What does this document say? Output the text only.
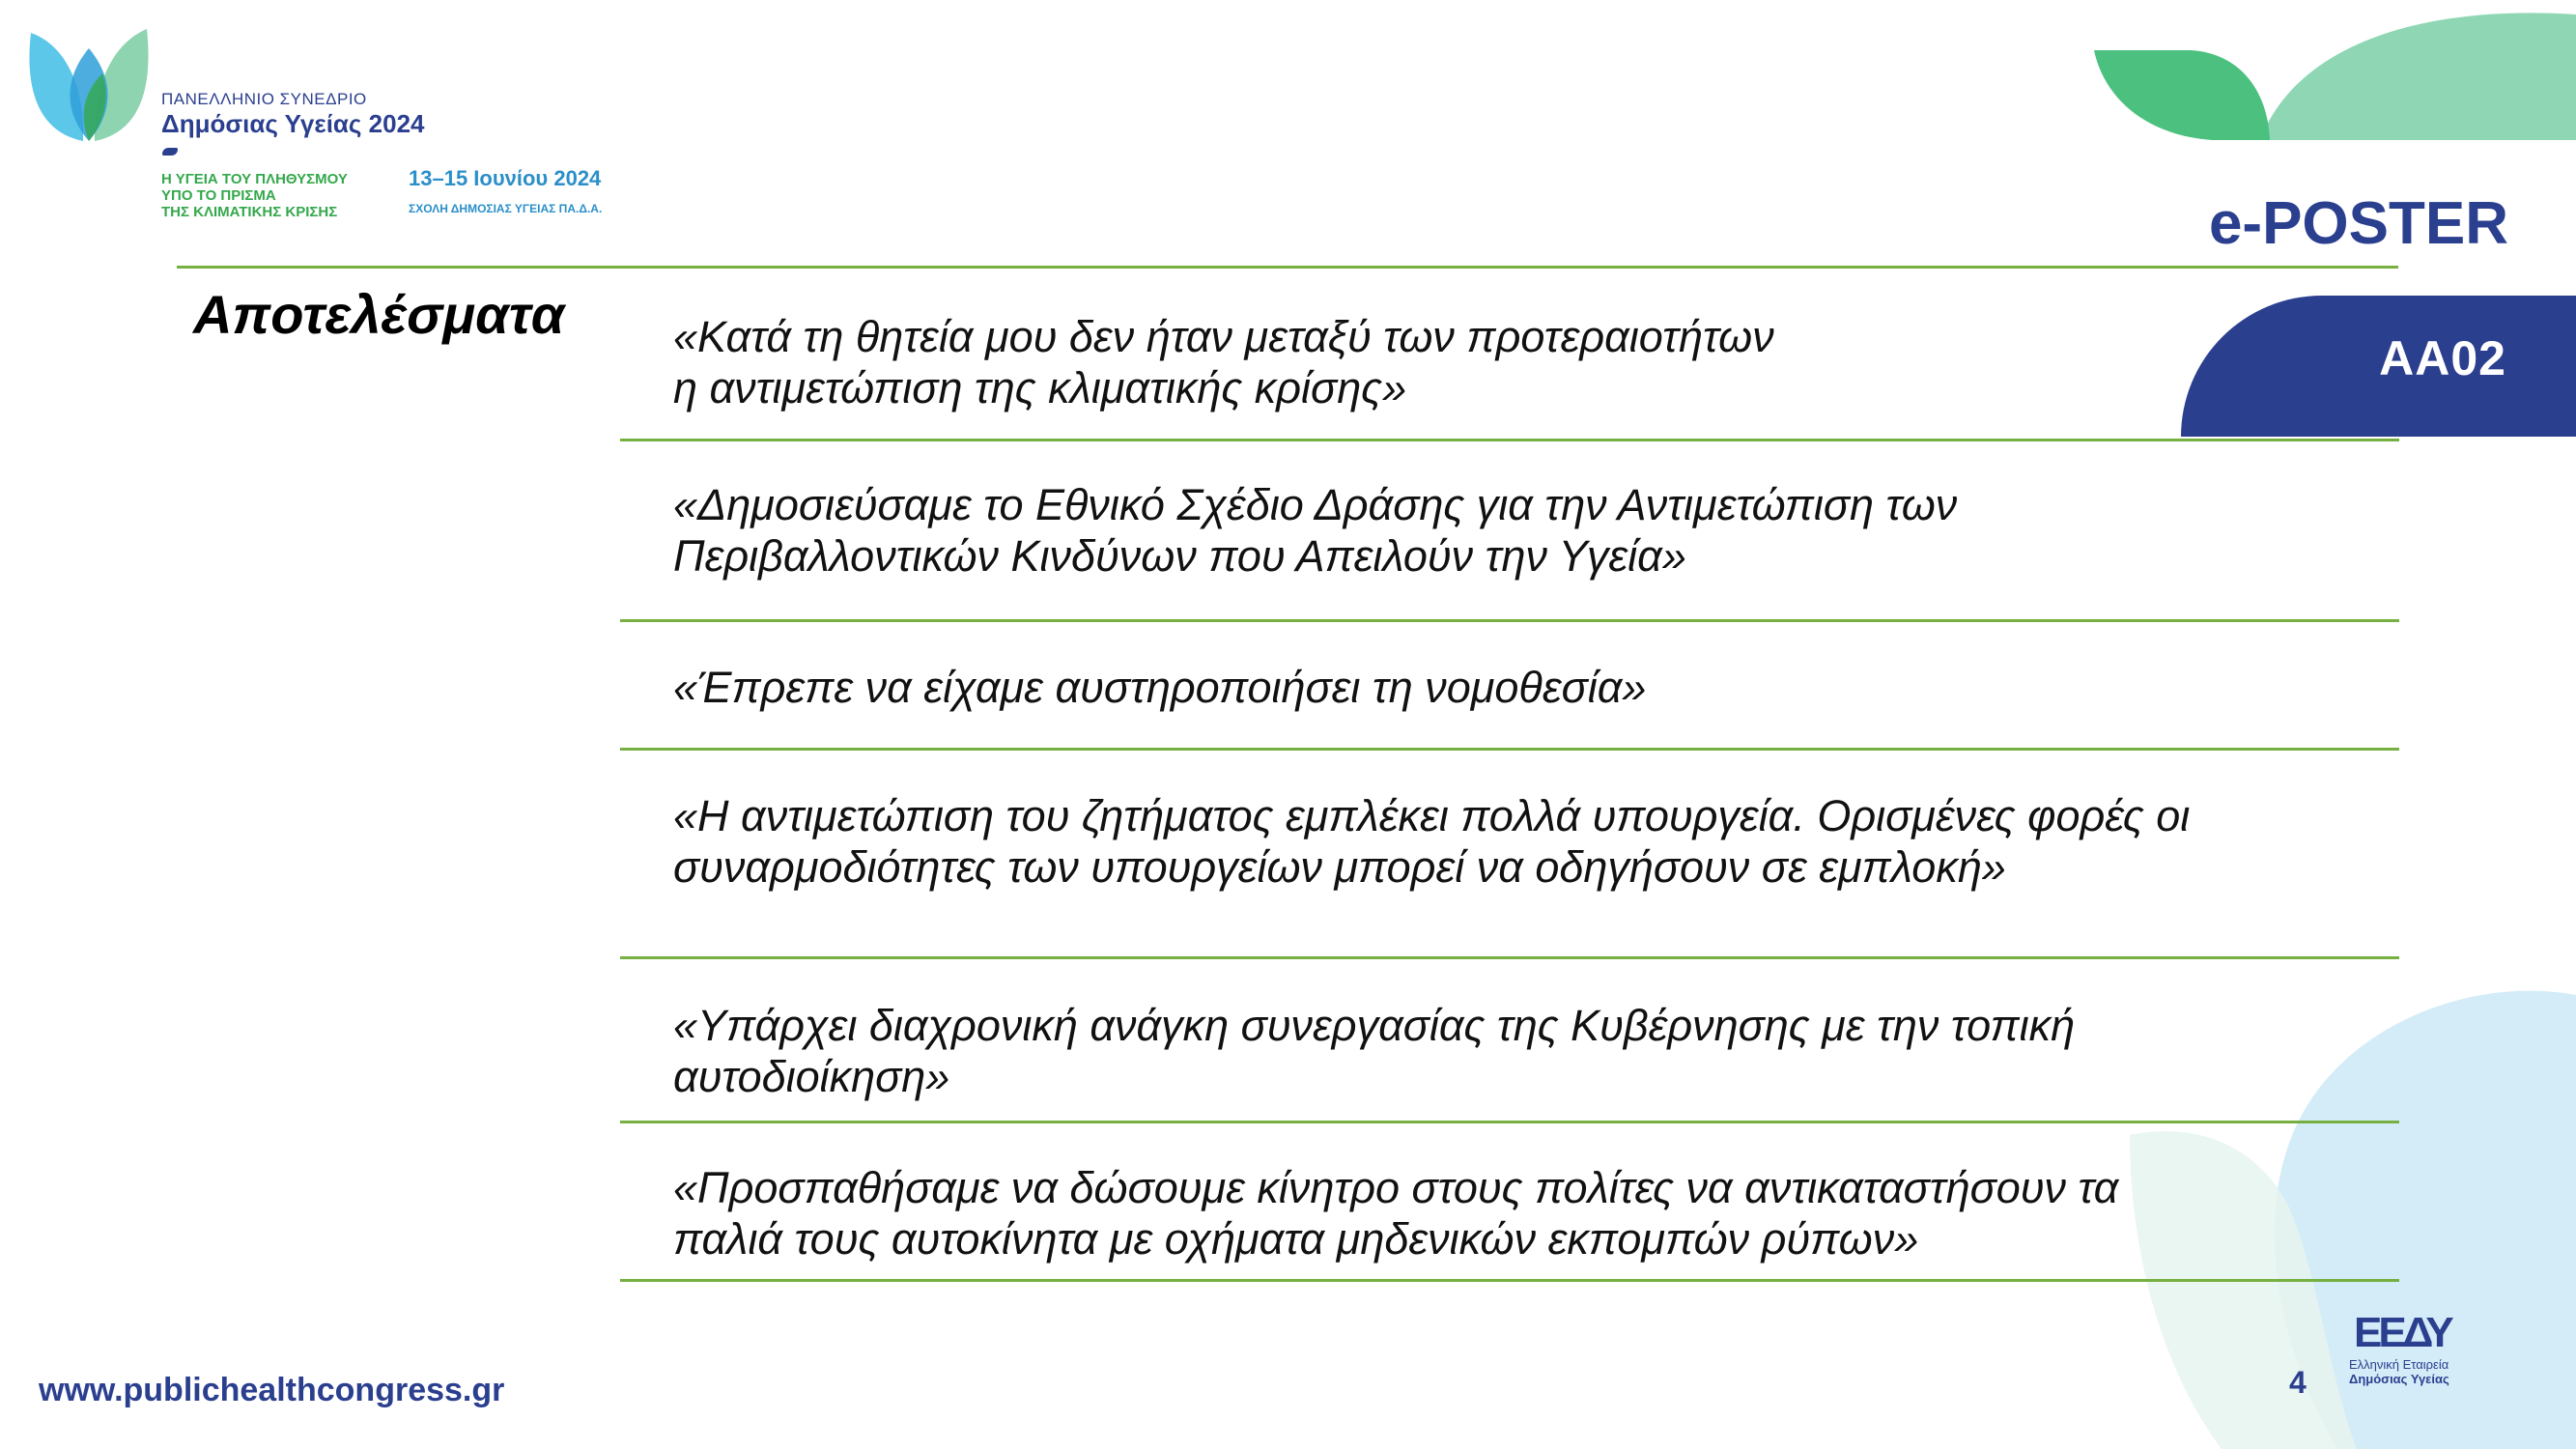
ΠΑΝΕΛΛΗΝΙΟ ΣΥΝΕΔΡΙΟ
Δημόσιας Υγείας 2024
Η ΥΓΕΙΑ ΤΟΥ ΠΛΗΘΥΣΜΟΥ
ΥΠΟ ΤΟ ΠΡΙΣΜΑ
ΤΗΣ ΚΛΙΜΑΤΙΚΗΣ ΚΡΙΣΗΣ
13–15 Ιουνίου 2024
ΣΧΟΛΗ ΔΗΜΟΣΙΑΣ ΥΓΕΙΑΣ ΠΑ.Δ.Α.	e-POSTER
AA02
Αποτελέσματα	«Κατά τη θητεία μου δεν ήταν μεταξύ των προτεραιοτήτων
η αντιμετώπιση της κλιματικής κρίσης»
«Δημοσιεύσαμε το Εθνικό Σχέδιο Δράσης για την Αντιμετώπιση των
Περιβαλλοντικών Κινδύνων που Απειλούν την Υγεία»
«Έπρεπε να είχαμε αυστηροποιήσει τη νομοθεσία»
«Η αντιμετώπιση του ζητήματος εμπλέκει πολλά υπουργεία. Ορισμένες φορές οι
συναρμοδιότητες των υπουργείων μπορεί να οδηγήσουν σε εμπλοκή»
«Υπάρχει διαχρονική ανάγκη συνεργασίας της Κυβέρνησης με την τοπική
αυτοδιοίκηση»
«Προσπαθήσαμε να δώσουμε κίνητρο στους πολίτες να αντικαταστήσουν τα
παλιά τους αυτοκίνητα με οχήματα μηδενικών εκπομπών ρύπων»
www.publichealthcongress.gr	4
ΕΕΔΥ
Ελληνική Εταιρεία
Δημόσιας Υγείας
